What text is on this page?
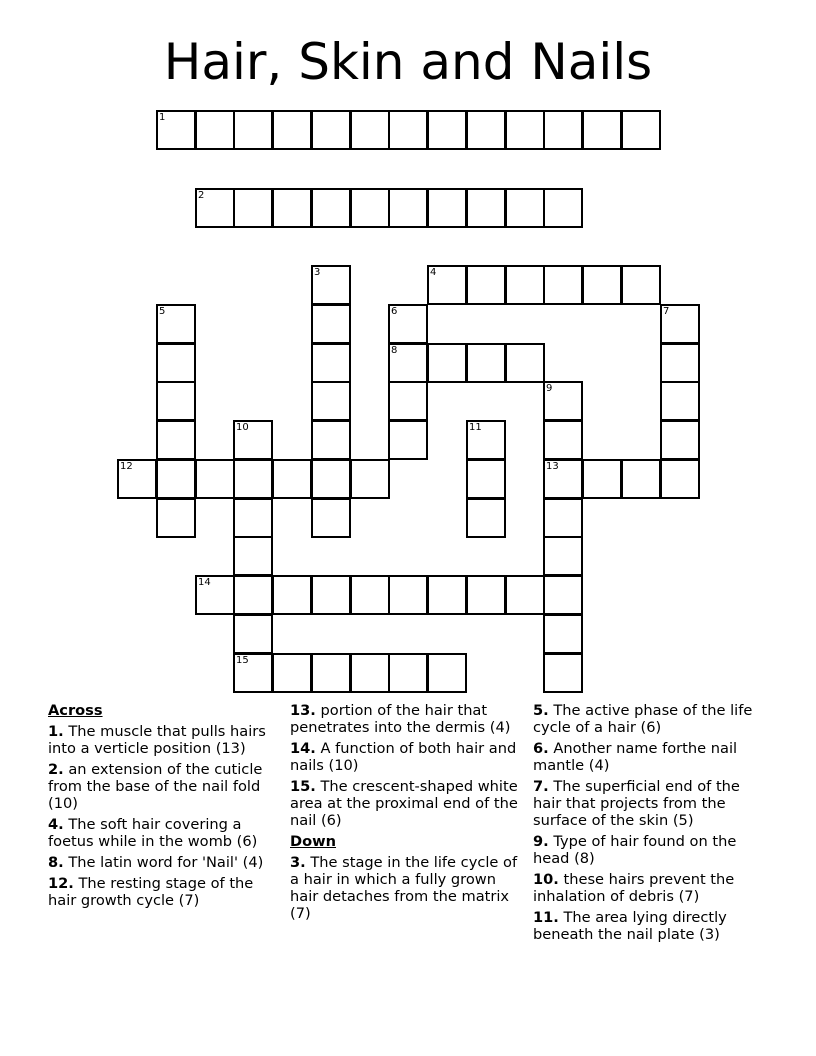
Hair, Skin and Nails
1
2
3	4
5	6	7
8
9
10	11
12	13
14
15
Across
1. The muscle that pulls hairs into a verticle position (13)
2. an extension of the cuticle from the base of the nail fold (10)
4. The soft hair covering a foetus while in the womb (6)
8. The latin word for 'Nail' (4)
12. The resting stage of the hair growth cycle (7)
13. portion of the hair that penetrates into the dermis (4)
14. A function of both hair and nails (10)
15. The crescent-shaped white area at the proximal end of the nail (6)
Down
3. The stage in the life cycle of a hair in which a fully grown hair detaches from the matrix (7)
5. The active phase of the life cycle of a hair (6)
6. Another name forthe nail mantle (4)
7. The superficial end of the hair that projects from the surface of the skin (5)
9. Type of hair found on the head (8)
10. these hairs prevent the inhalation of debris (7)
11. The area lying directly beneath the nail plate (3)
